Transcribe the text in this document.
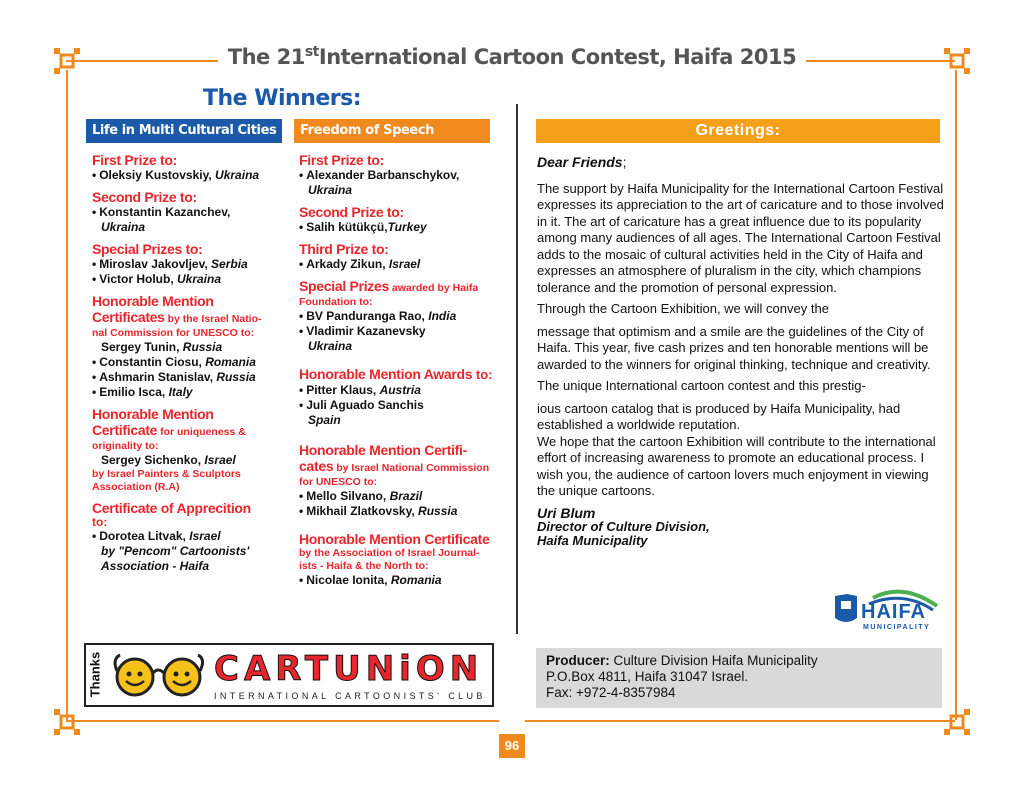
The 21stInternational Cartoon Contest, Haifa 2015
The Winners:
Life in Multi Cultural Cities	Freedom of Speech
First Prize to:
• Oleksiy Kustovskiy, Ukraina
Second Prize to:
• Konstantin Kazanchev,
Ukraina
Special Prizes to:
• Miroslav Jakovljev, Serbia
• Victor Holub, Ukraina
Honorable Mention
Certificates by the Israel Natio-
nal Commission for UNESCO to:
Sergey Tunin, Russia
• Constantin Ciosu, Romania
• Ashmarin Stanislav, Russia
• Emilio Isca, Italy
Honorable Mention
Certificate for uniqueness &
originality to:
Sergey Sichenko, Israel
by Israel Painters & Sculptors
Association (R.A)
Certificate of Apprecition
to:
• Dorotea Litvak, Israel
by "Pencom" Cartoonists'
Association - Haifa
First Prize to:
• Alexander Barbanschykov,
Ukraina
Second Prize to:
• Salih kütükçü,Turkey
Third Prize to:
• Arkady Zikun, Israel
Special Prizes awarded by Haifa
Foundation to:
• BV Panduranga Rao, India
• Vladimir Kazanevsky
Ukraina
Honorable Mention Awards to:
• Pitter Klaus, Austria
• Juli Aguado Sanchis
Spain
Honorable Mention Certifi-
cates by Israel National Commission
for UNESCO to:
• Mello Silvano, Brazil
• Mikhail Zlatkovsky, Russia
Honorable Mention Certificate
by the Association of Israel Journal-
ists - Haifa & the North to:
• Nicolae Ionita, Romania
Greetings:

Dear Friends;

The support by Haifa Municipality for the International Cartoon Festival expresses its appreciation to the art of caricature and to those involved in it. The art of caricature has a great influence due to its popularity among many audiences of all ages. The International Cartoon Festival adds to the mosaic of cultural activities held in the City of Haifa and expresses an atmosphere of pluralism in the city, which champions tolerance and the promotion of personal expression.

Through the Cartoon Exhibition, we will convey the

message that optimism and a smile are the guidelines of the City of Haifa. This year, five cash prizes and ten honorable mentions will be awarded to the winners for original thinking, technique and creativity.

The unique International cartoon contest and this prestig-

ious cartoon catalog that is produced by Haifa Municipality, had established a worldwide reputation.

We hope that the cartoon Exhibition will contribute to the international effort of increasing awareness to promote an educational process. I wish you, the audience of cartoon lovers much enjoyment in viewing the unique cartoons.

Uri Blum
Director of Culture Division,
Haifa Municipality
HAIFA
MUNICIPALITY
Thanks	CARTUNiON
INTERNATIONAL CARTOONISTS' CLUB
Producer: Culture Division Haifa Municipality
P.O.Box 4811, Haifa 31047 Israel.
Fax: +972-4-8357984
96
